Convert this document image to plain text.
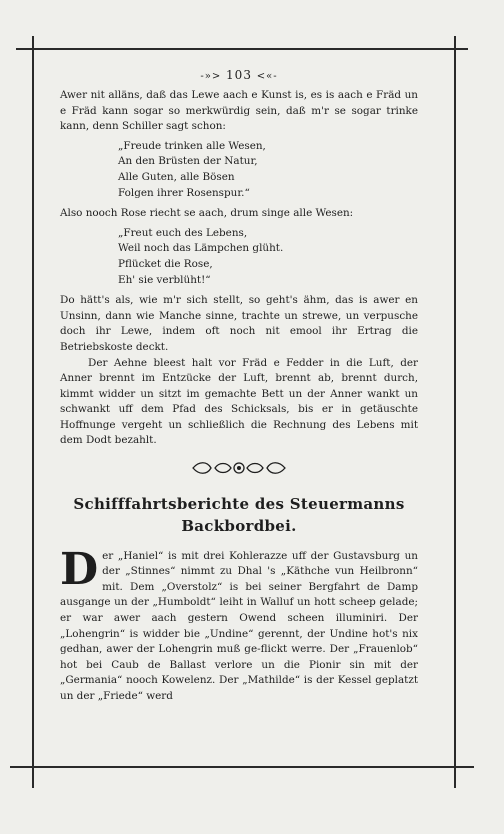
-»> 103 <«-

Awer nit alläns, daß das Lewe aach e Kunst is, es is aach e Fräd un e Fräd kann sogar so merkwürdig sein, daß m'r se sogar trinke kann, denn Schiller sagt schon:

„Freude trinken alle Wesen,
An den Brüsten der Natur,
Alle Guten, alle Bösen
Folgen ihrer Rosenspur.“

Also nooch Rose riecht se aach, drum singe alle Wesen:

„Freut euch des Lebens,
Weil noch das Lämpchen glüht.
Pflücket die Rose,
Eh' sie verblüht!“

Do hätt's als, wie m'r sich stellt, so geht's ähm, das is awer en Unsinn, dann wie Manche sinne, trachte un strewe, un verpusche doch ihr Lewe, indem oft noch nit emool ihr Ertrag die Betriebskoste deckt.

Der Aehne bleest halt vor Fräd e Fedder in die Luft, der Anner brennt im Entzücke der Luft, brennt ab, brennt durch, kimmt widder un sitzt im gemachte Bett un der Anner wankt un schwankt uff dem Pfad des Schicksals, bis er in getäuschte Hoffnunge vergeht un schließlich die Rechnung des Lebens mit dem Dodt bezahlt.

Schifffahrtsberichte des Steuermanns
Backbordbei.

Der „Haniel“ is mit drei Kohlerazze uff der Gustavsburg un der „Stinnes“ nimmt zu Dhal 's „Käthche vun Heilbronn“ mit. Dem „Overstolz“ is bei seiner Bergfahrt de Damp ausgange un der „Humboldt“ leiht in Walluf un hott scheep gelade; er war awer aach gestern Owend scheen illuminiri. Der „Lohengrin“ is widder bie „Undine“ gerennt, der Undine hot's nix gedhan, awer der Lohengrin muß ge-flickt werre. Der „Frauenlob“ hot bei Caub de Ballast verlore un die Pionir sin mit der „Germania“ nooch Kowelenz. Der „Mathilde“ is der Kessel geplatzt un der „Friede“ werd
